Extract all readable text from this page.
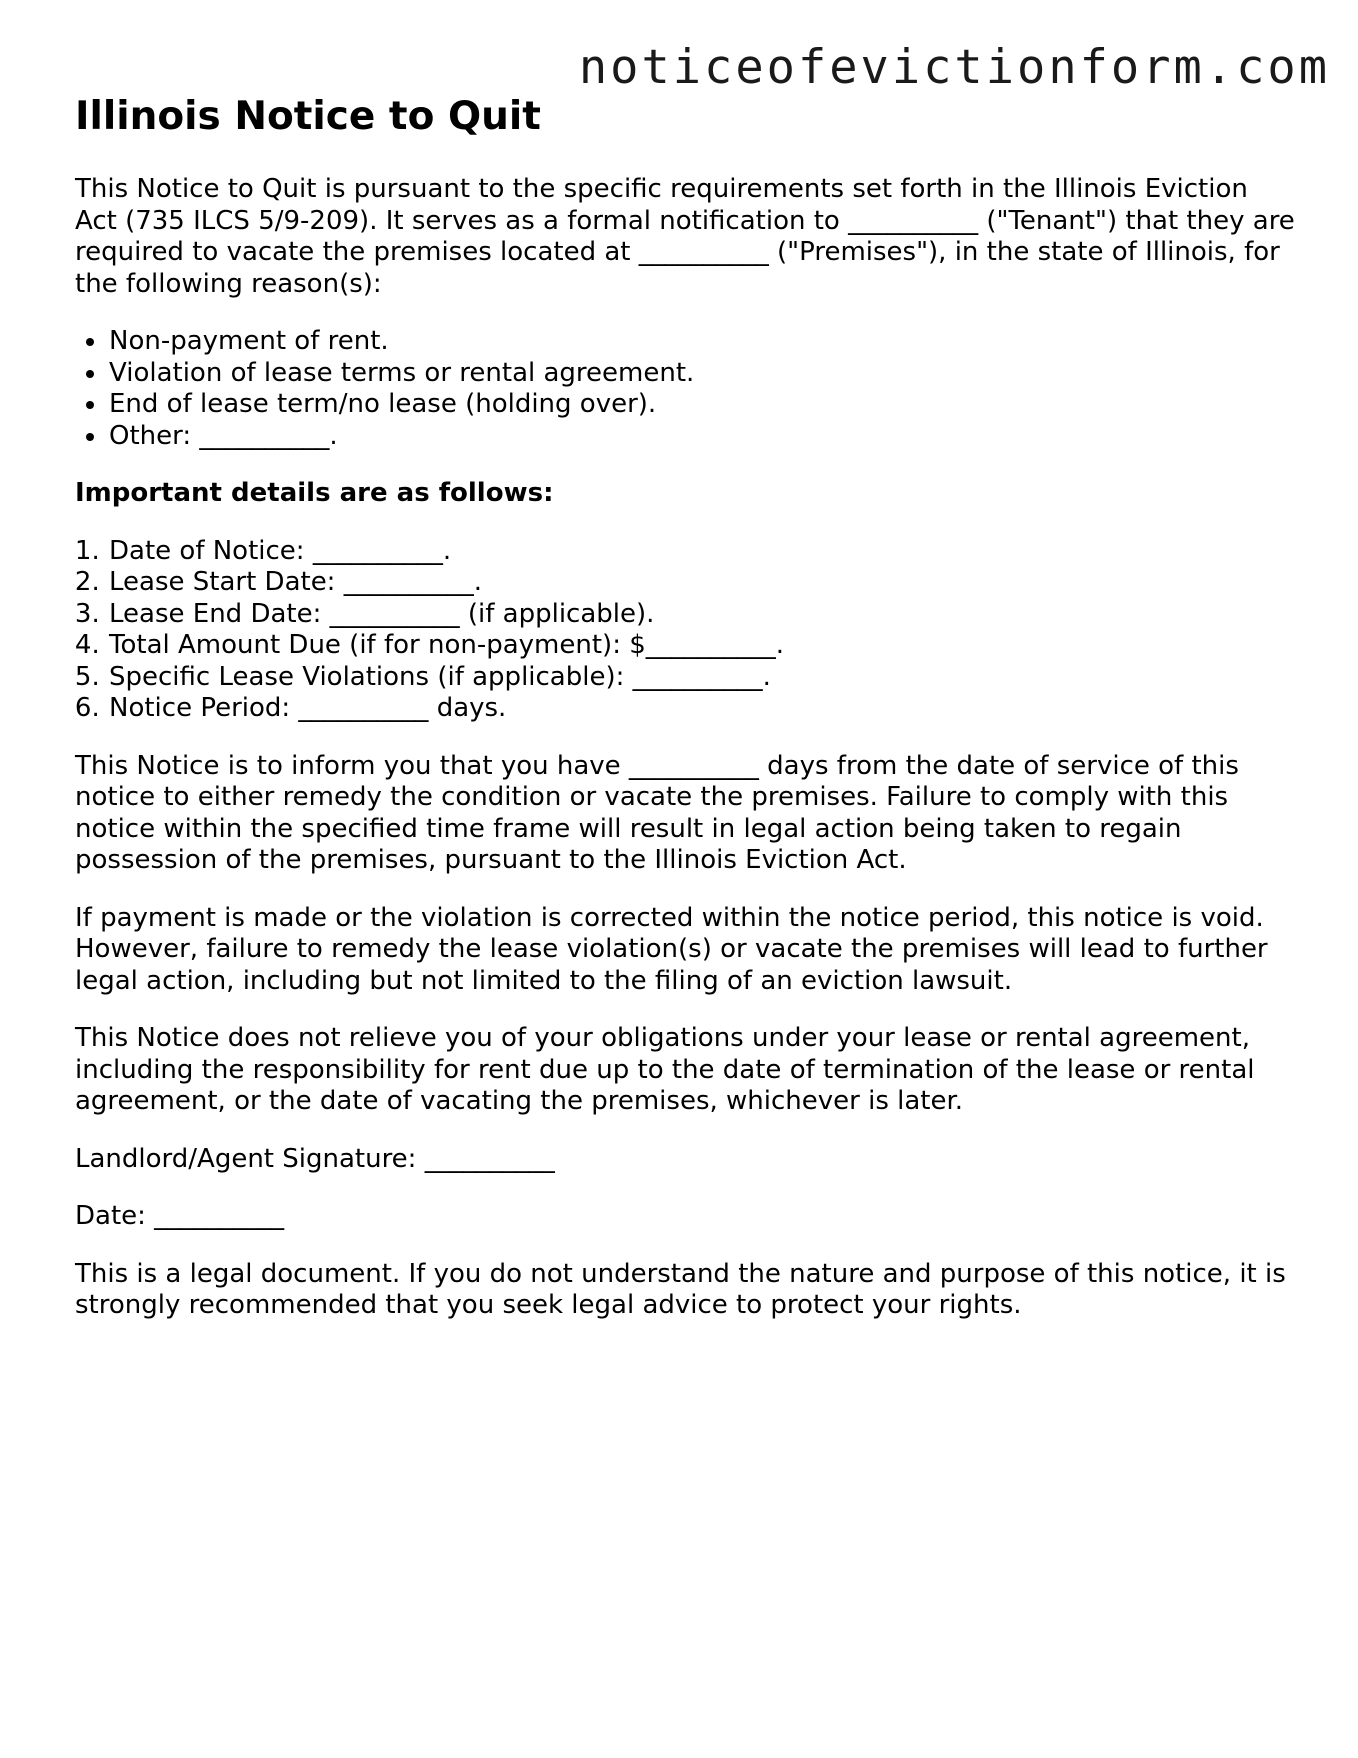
noticeofevictionform.com
Illinois Notice to Quit

This Notice to Quit is pursuant to the specific requirements set forth in the Illinois Eviction Act (735 ILCS 5/9-209). It serves as a formal notification to __________ ("Tenant") that they are required to vacate the premises located at __________ ("Premises"), in the state of Illinois, for the following reason(s):

• Non-payment of rent.
• Violation of lease terms or rental agreement.
• End of lease term/no lease (holding over).
• Other: __________.

Important details are as follows:

1. Date of Notice: __________.
2. Lease Start Date: __________.
3. Lease End Date: __________ (if applicable).
4. Total Amount Due (if for non-payment): $__________.
5. Specific Lease Violations (if applicable): __________.
6. Notice Period: __________ days.

This Notice is to inform you that you have __________ days from the date of service of this notice to either remedy the condition or vacate the premises. Failure to comply with this notice within the specified time frame will result in legal action being taken to regain possession of the premises, pursuant to the Illinois Eviction Act.

If payment is made or the violation is corrected within the notice period, this notice is void. However, failure to remedy the lease violation(s) or vacate the premises will lead to further legal action, including but not limited to the filing of an eviction lawsuit.

This Notice does not relieve you of your obligations under your lease or rental agreement, including the responsibility for rent due up to the date of termination of the lease or rental agreement, or the date of vacating the premises, whichever is later.

Landlord/Agent Signature: __________

Date: __________

This is a legal document. If you do not understand the nature and purpose of this notice, it is strongly recommended that you seek legal advice to protect your rights.
